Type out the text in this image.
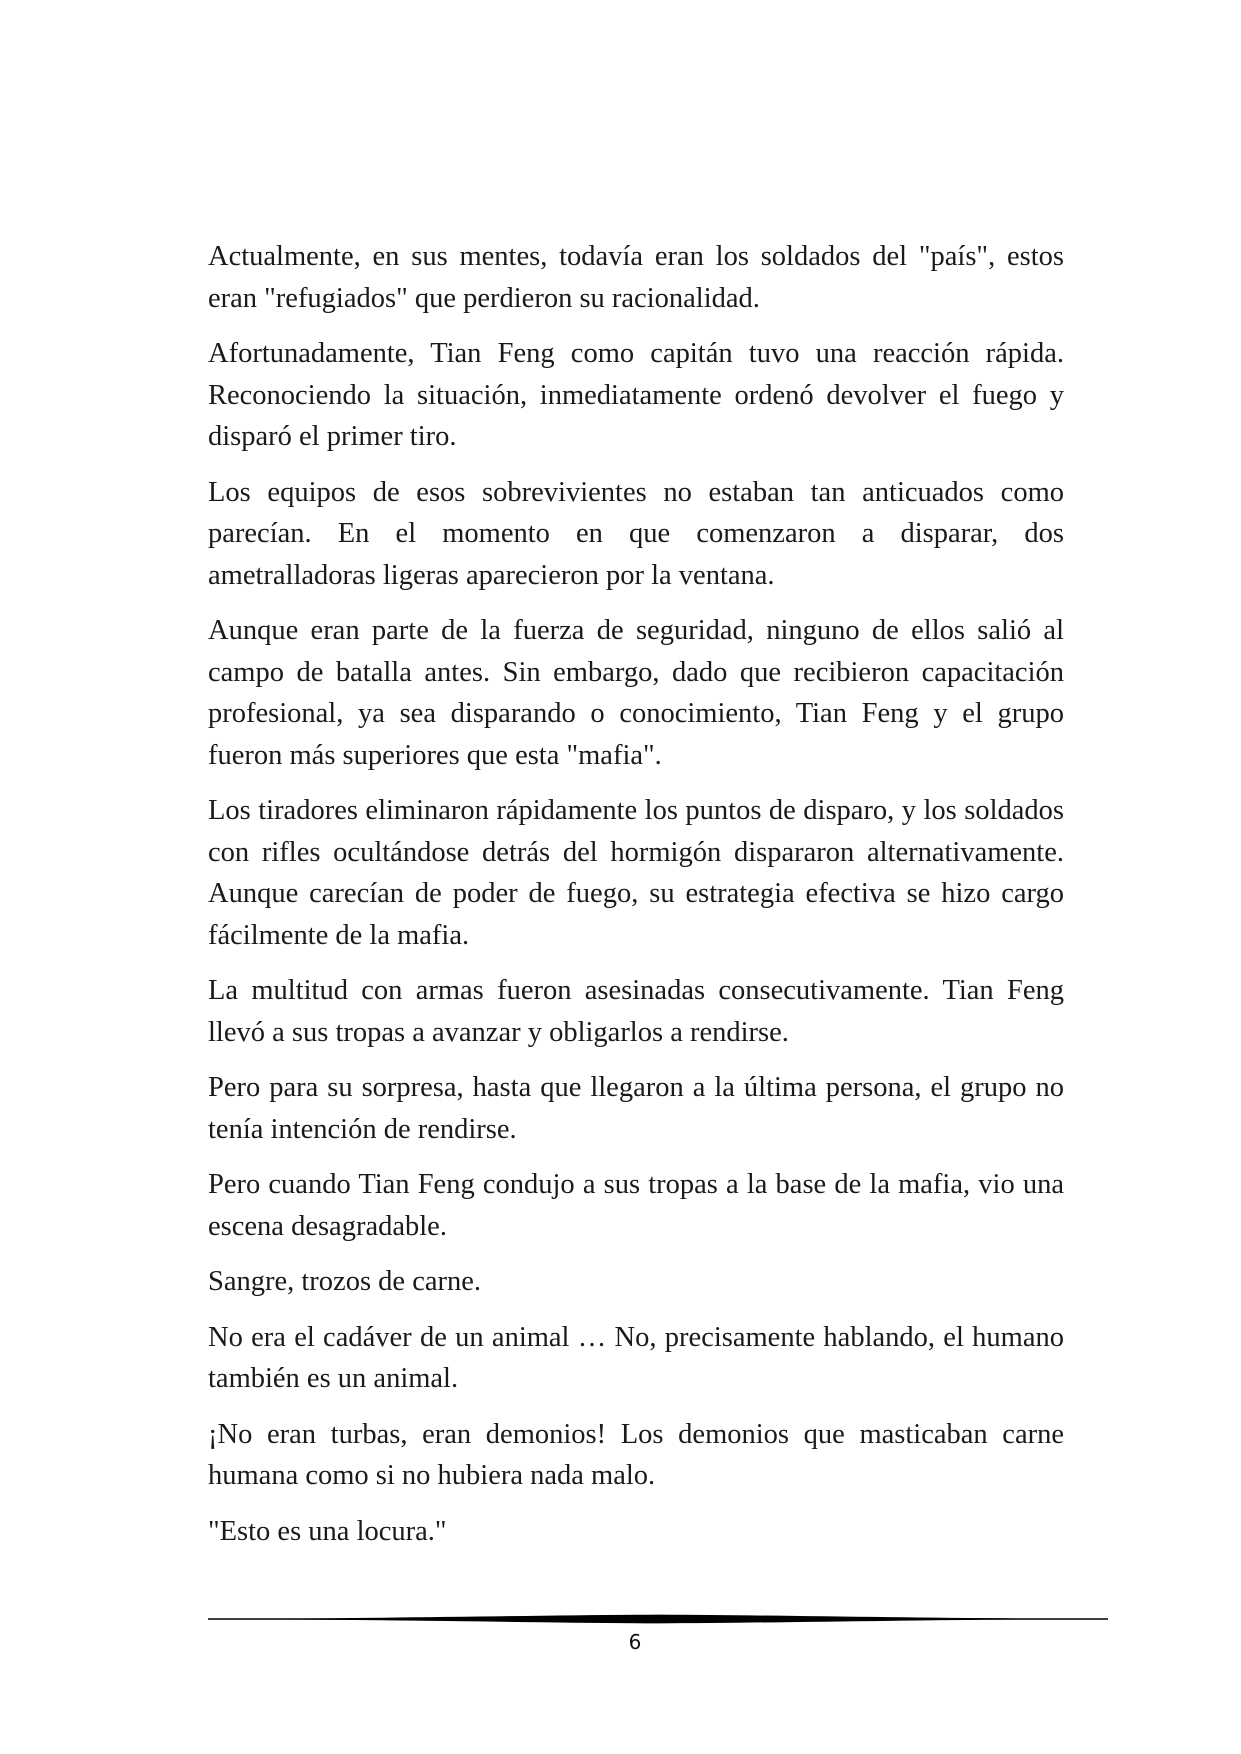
Actualmente, en sus mentes, todavía eran los soldados del "país", estos eran "refugiados" que perdieron su racionalidad.

Afortunadamente, Tian Feng como capitán tuvo una reacción rápida. Reconociendo la situación, inmediatamente ordenó devolver el fuego y disparó el primer tiro.

Los equipos de esos sobrevivientes no estaban tan anticuados como parecían. En el momento en que comenzaron a disparar, dos ametralladoras ligeras aparecieron por la ventana.

Aunque eran parte de la fuerza de seguridad, ninguno de ellos salió al campo de batalla antes. Sin embargo, dado que recibieron capacitación profesional, ya sea disparando o conocimiento, Tian Feng y el grupo fueron más superiores que esta "mafia".

Los tiradores eliminaron rápidamente los puntos de disparo, y los soldados con rifles ocultándose detrás del hormigón dispararon alternativamente. Aunque carecían de poder de fuego, su estrategia efectiva se hizo cargo fácilmente de la mafia.

La multitud con armas fueron asesinadas consecutivamente. Tian Feng llevó a sus tropas a avanzar y obligarlos a rendirse.

Pero para su sorpresa, hasta que llegaron a la última persona, el grupo no tenía intención de rendirse.

Pero cuando Tian Feng condujo a sus tropas a la base de la mafia, vio una escena desagradable.

Sangre, trozos de carne.

No era el cadáver de un animal … No, precisamente hablando, el humano también es un animal.

¡No eran turbas, eran demonios! Los demonios que masticaban carne humana como si no hubiera nada malo.

"Esto es una locura."

6
